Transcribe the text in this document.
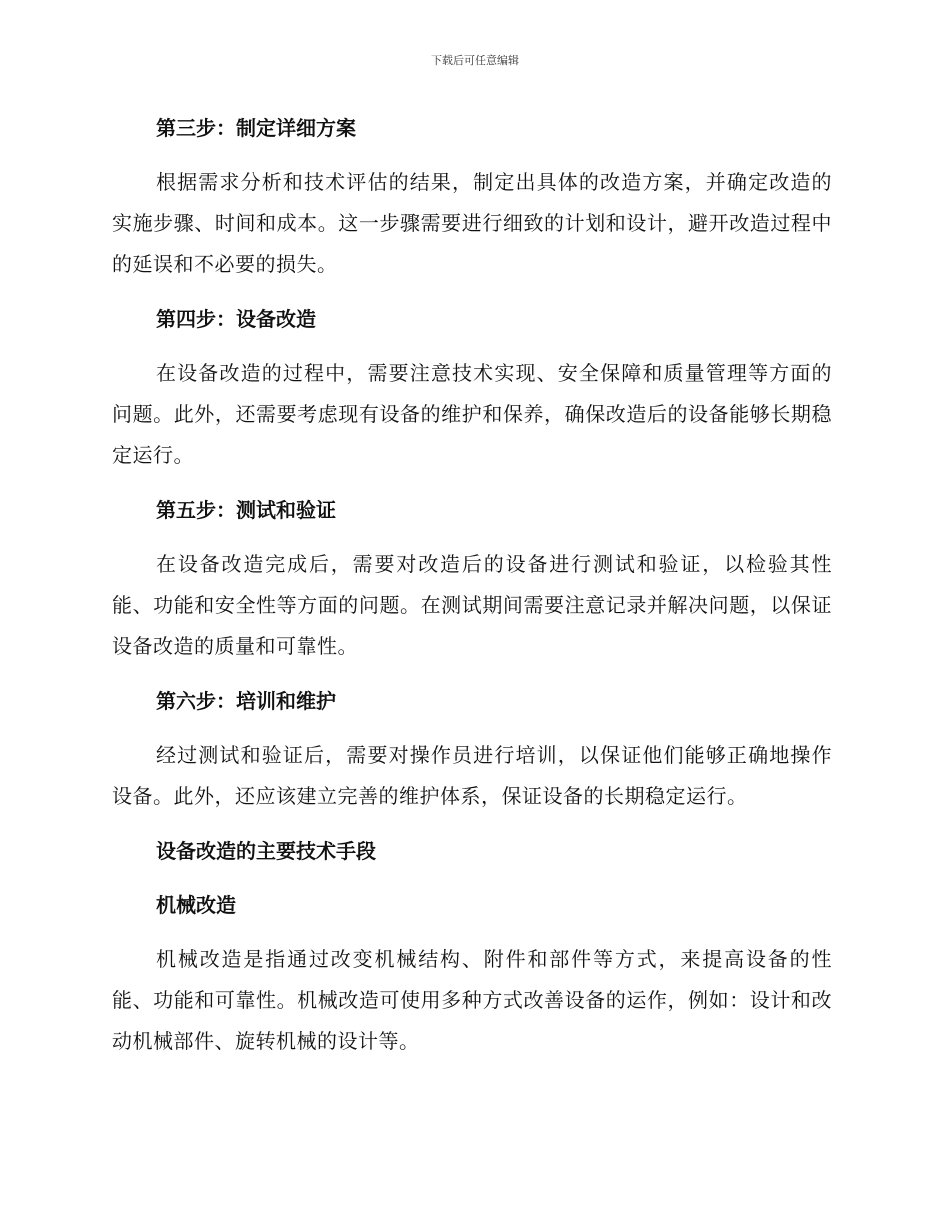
下载后可任意编辑

第三步：制定详细方案

根据需求分析和技术评估的结果，制定出具体的改造方案，并确定改造的实施步骤、时间和成本。这一步骤需要进行细致的计划和设计，避开改造过程中的延误和不必要的损失。

第四步：设备改造

在设备改造的过程中，需要注意技术实现、安全保障和质量管理等方面的问题。此外，还需要考虑现有设备的维护和保养，确保改造后的设备能够长期稳定运行。

第五步：测试和验证

在设备改造完成后，需要对改造后的设备进行测试和验证，以检验其性能、功能和安全性等方面的问题。在测试期间需要注意记录并解决问题，以保证设备改造的质量和可靠性。

第六步：培训和维护

经过测试和验证后，需要对操作员进行培训，以保证他们能够正确地操作设备。此外，还应该建立完善的维护体系，保证设备的长期稳定运行。

设备改造的主要技术手段

机械改造

机械改造是指通过改变机械结构、附件和部件等方式，来提高设备的性能、功能和可靠性。机械改造可使用多种方式改善设备的运作，例如：设计和改动机械部件、旋转机械的设计等。
